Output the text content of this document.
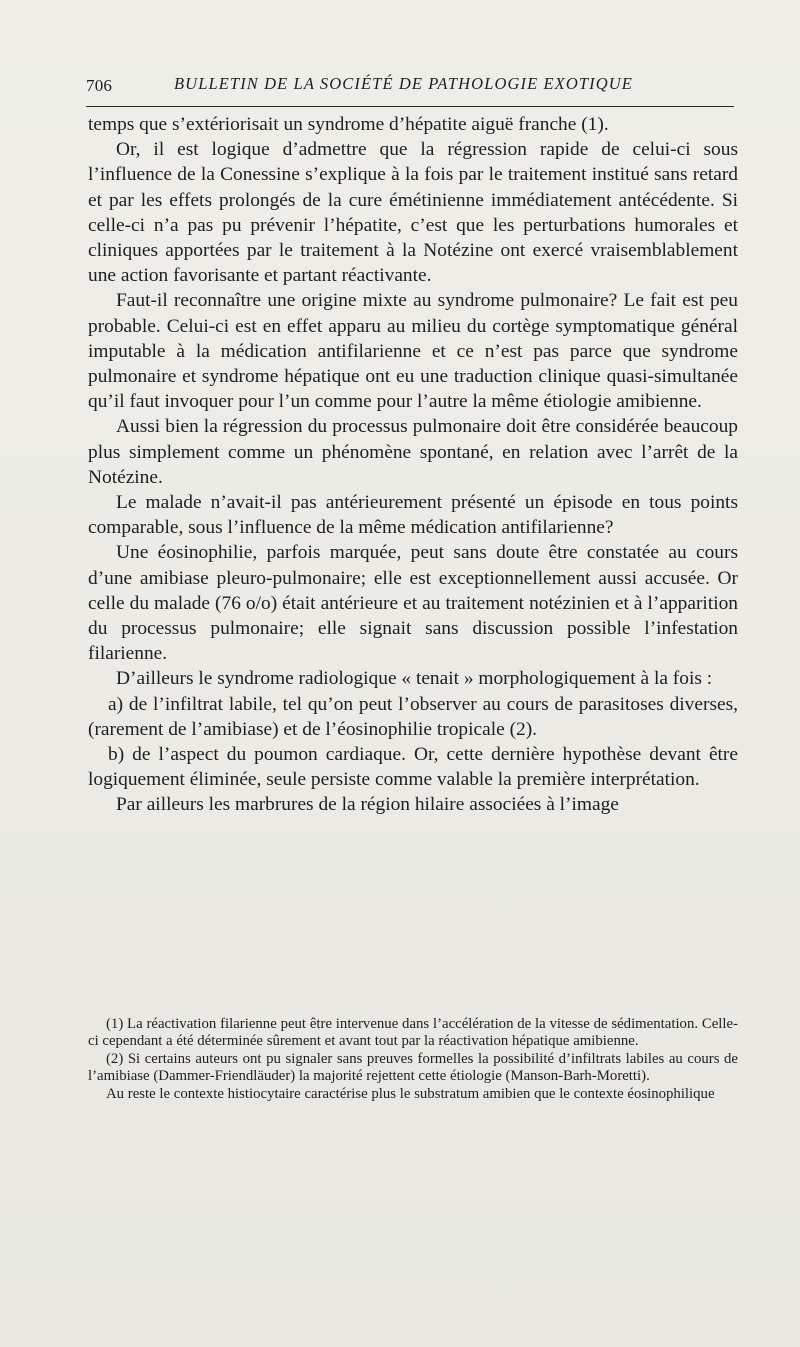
706	BULLETIN DE LA SOCIÉTÉ DE PATHOLOGIE EXOTIQUE

temps que s’extériorisait un syndrome d’hépatite aiguë franche (1).

Or, il est logique d’admettre que la régression rapide de celui-ci sous l’influence de la Conessine s’explique à la fois par le traitement institué sans retard et par les effets prolongés de la cure émétinienne immédiatement antécédente. Si celle-ci n’a pas pu prévenir l’hépatite, c’est que les perturbations humorales et cliniques apportées par le traitement à la Notézine ont exercé vraisemblablement une action favorisante et partant réactivante.

Faut-il reconnaître une origine mixte au syndrome pulmonaire? Le fait est peu probable. Celui-ci est en effet apparu au milieu du cortège symptomatique général imputable à la médication antifilarienne et ce n’est pas parce que syndrome pulmonaire et syndrome hépatique ont eu une traduction clinique quasi-simultanée qu’il faut invoquer pour l’un comme pour l’autre la même étiologie amibienne.

Aussi bien la régression du processus pulmonaire doit être considérée beaucoup plus simplement comme un phénomène spontané, en relation avec l’arrêt de la Notézine.

Le malade n’avait-il pas antérieurement présenté un épisode en tous points comparable, sous l’influence de la même médication antifilarienne?

Une éosinophilie, parfois marquée, peut sans doute être constatée au cours d’une amibiase pleuro-pulmonaire; elle est exceptionnellement aussi accusée. Or celle du malade (76 o/o) était antérieure et au traitement notézinien et à l’apparition du processus pulmonaire; elle signait sans discussion possible l’infestation filarienne.

D’ailleurs le syndrome radiologique « tenait » morphologiquement à la fois :

a) de l’infiltrat labile, tel qu’on peut l’observer au cours de parasitoses diverses, (rarement de l’amibiase) et de l’éosinophilie tropicale (2).

b) de l’aspect du poumon cardiaque. Or, cette dernière hypothèse devant être logiquement éliminée, seule persiste comme valable la première interprétation.

Par ailleurs les marbrures de la région hilaire associées à l’image

(1) La réactivation filarienne peut être intervenue dans l’accélération de la vitesse de sédimentation. Celle-ci cependant a été déterminée sûrement et avant tout par la réactivation hépatique amibienne.

(2) Si certains auteurs ont pu signaler sans preuves formelles la possibilité d’infiltrats labiles au cours de l’amibiase (Dammer-Friendläuder) la majorité rejettent cette étiologie (Manson-Barh-Moretti).

Au reste le contexte histiocytaire caractérise plus le substratum amibien que le contexte éosinophilique
